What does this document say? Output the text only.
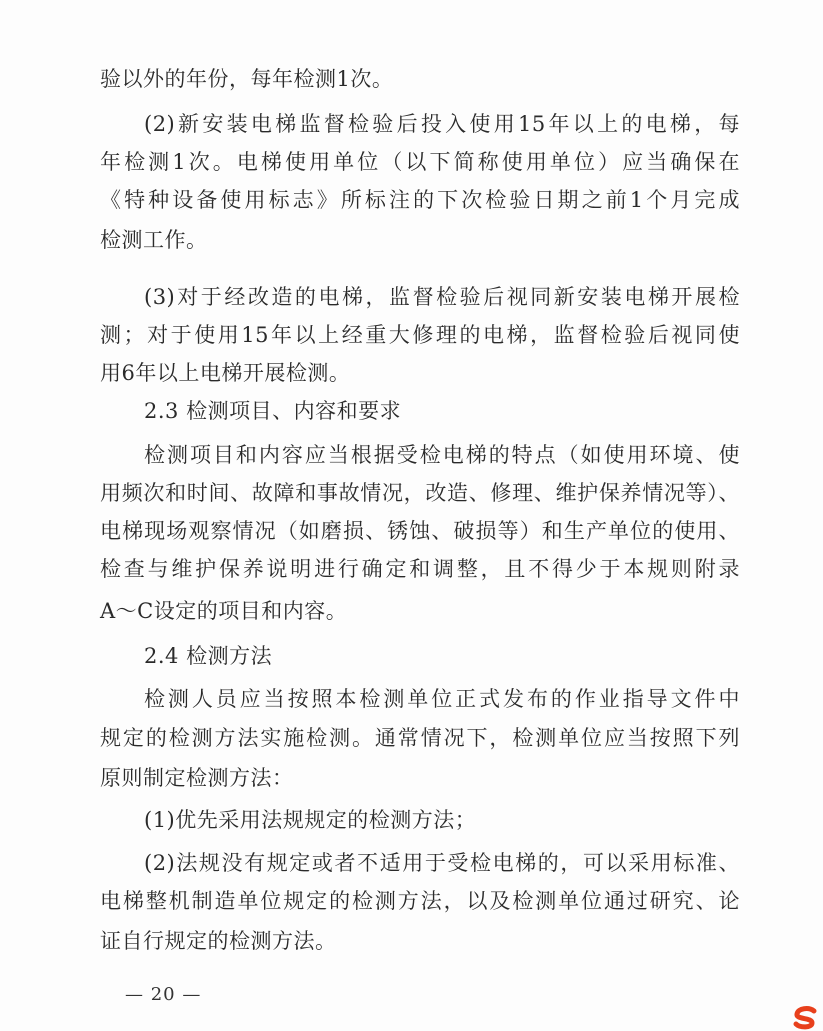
验以外的年份，每年检测1次。
(2)新安装电梯监督检验后投入使用15年以上的电梯，每
年检测1次。电梯使用单位（以下简称使用单位）应当确保在
《特种设备使用标志》所标注的下次检验日期之前1个月完成
检测工作。
(3)对于经改造的电梯，监督检验后视同新安装电梯开展检
测；对于使用15年以上经重大修理的电梯，监督检验后视同使
用6年以上电梯开展检测。
2.3 检测项目、内容和要求
检测项目和内容应当根据受检电梯的特点（如使用环境、使
用频次和时间、故障和事故情况，改造、修理、维护保养情况等）、
电梯现场观察情况（如磨损、锈蚀、破损等）和生产单位的使用、
检查与维护保养说明进行确定和调整，且不得少于本规则附录
A～C设定的项目和内容。
2.4 检测方法
检测人员应当按照本检测单位正式发布的作业指导文件中
规定的检测方法实施检测。通常情况下，检测单位应当按照下列
原则制定检测方法：
(1)优先采用法规规定的检测方法；
(2)法规没有规定或者不适用于受检电梯的，可以采用标准、
电梯整机制造单位规定的检测方法，以及检测单位通过研究、论
证自行规定的检测方法。
— 20 —
